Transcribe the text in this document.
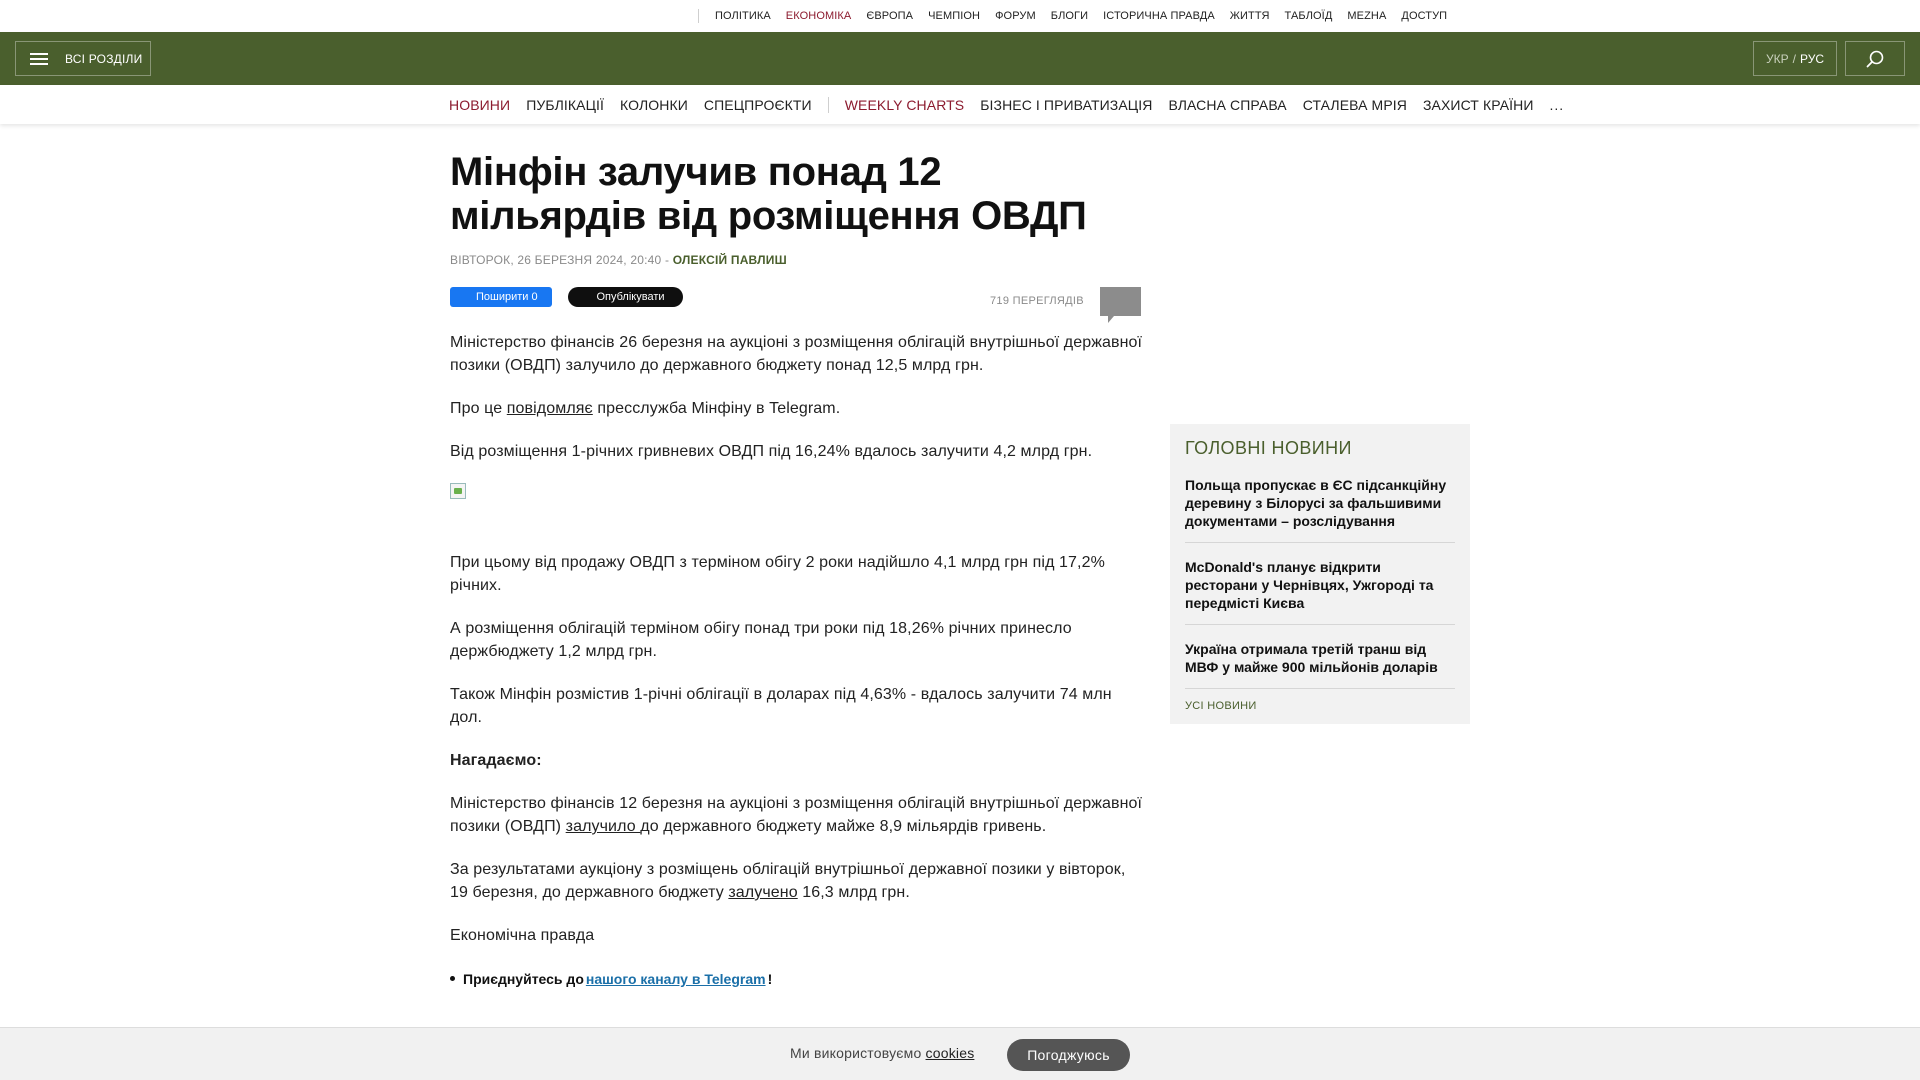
ПОЛІТИКА ЕКОНОМІКА ЄВРОПА ЧЕМПІОН ФОРУМ БЛОГИ ІСТОРИЧНА ПРАВДА ЖИТТЯ ТАБЛОЇД МЕZHA ДОСТУП
ВСІ РОЗДІЛИ	УКР / РУС
НОВИНИ ПУБЛІКАЦІЇ КОЛОНКИ СПЕЦПРОЄКТИ WEEKLY CHARTS БІЗНЕС І ПРИВАТИЗАЦІЯ ВЛАСНА СПРАВА СТАЛЕВА МРІЯ ЗАХИСТ КРАЇНИ ...
Мінфін залучив понад 12 мільярдів від розміщення ОВДП
ВІВТОРОК, 26 БЕРЕЗНЯ 2024, 20:40 - ОЛЕКСІЙ ПАВЛИШ
Поширити
0	Опублікувати	719 ПЕРЕГЛЯДІВ

Міністерство фінансів 26 березня на аукціоні з розміщення облігацій внутрішньої державної позики (ОВДП) залучило до державного бюджету понад 12,5 млрд грн.

Про це повідомляє пресслужба Мінфіну в Telegram.

Від розміщення 1-річних гривневих ОВДП під 16,24% вдалось залучити 4,2 млрд грн.

При цьому від продажу ОВДП з терміном обігу 2 роки надійшло 4,1 млрд грн під 17,2% річних.

А розміщення облігацій терміном обігу понад три роки під 18,26% річних принесло держбюджету 1,2 млрд грн.

Також Мінфін розмістив 1-річні облігації в доларах під 4,63% - вдалось залучити 74 млн дол.

Нагадаємо:

Міністерство фінансів 12 березня на аукціоні з розміщення облігацій внутрішньої державної позики (ОВДП) залучило до державного бюджету майже 8,9 мільярдів гривень.

За результатами аукціону з розміщень облігацій внутрішньої державної позики у вівторок, 19 березня, до державного бюджету залучено 16,3 млрд грн.

Економічна правда

Приєднуйтесь до нашого каналу в Telegram !
ГОЛОВНІ НОВИНИ
Польща пропускає в ЄС підсанкційну деревину з Білорусі за фальшивими документами – розслідування
McDonald's планує відкрити ресторани у Чернівцях, Ужгороді та передмісті Києва
Україна отримала третій транш від МВФ у майже 900 мільйонів доларів
УСІ НОВИНИ
Ми використовуємо cookies	Погоджуюсь
